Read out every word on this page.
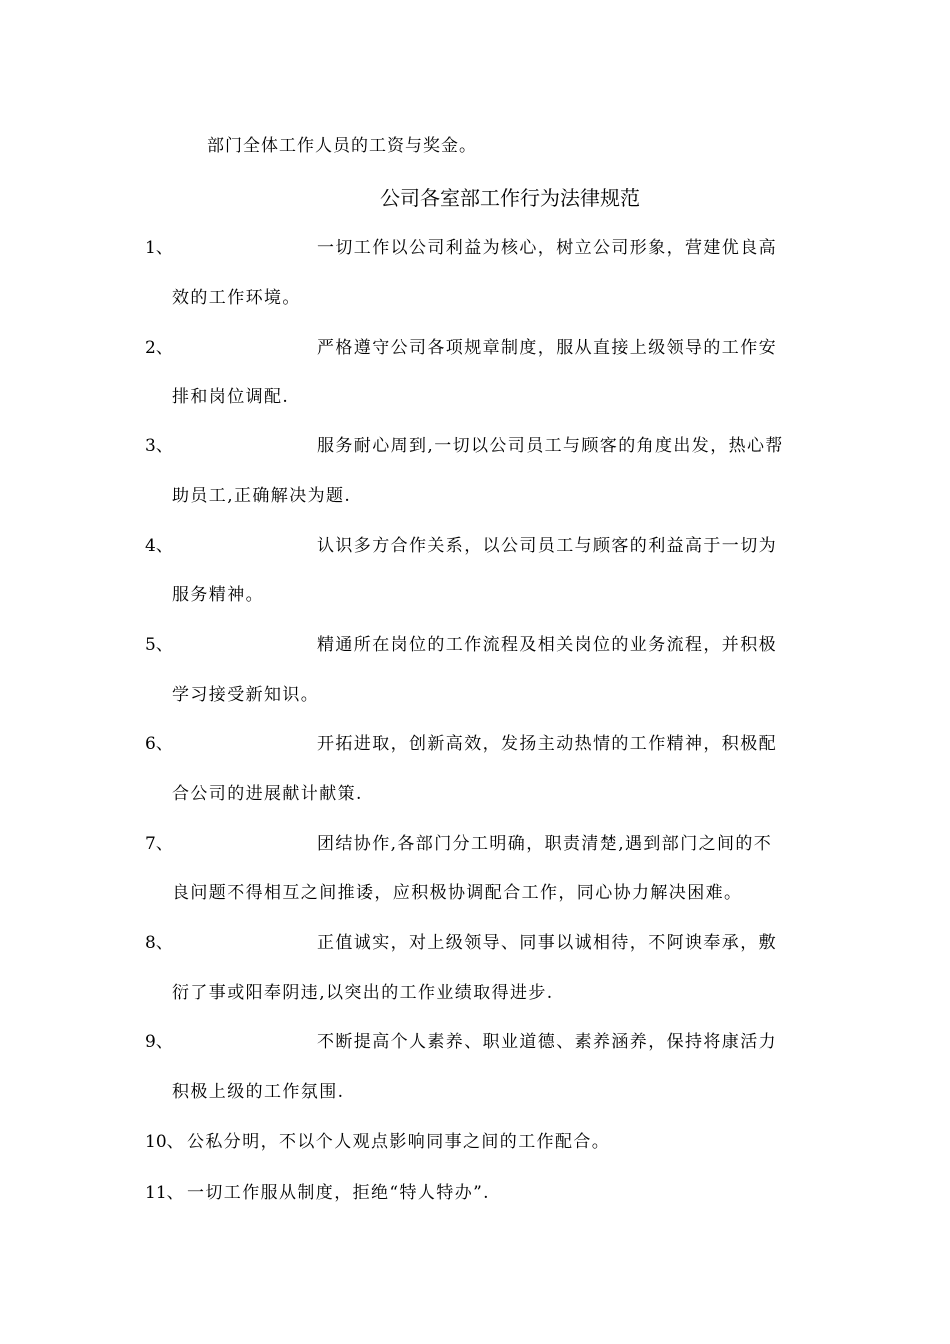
部门全体工作人员的工资与奖金。
公司各室部工作行为法律规范
1、	一切工作以公司利益为核心，树立公司形象，营建优良高
效的工作环境。
2、	严格遵守公司各项规章制度，服从直接上级领导的工作安
排和岗位调配.
3、	服务耐心周到,一切以公司员工与顾客的角度出发，热心帮
助员工,正确解决为题.
4、	认识多方合作关系，以公司员工与顾客的利益高于一切为
服务精神。
5、	精通所在岗位的工作流程及相关岗位的业务流程，并积极
学习接受新知识。
6、	开拓进取，创新高效，发扬主动热情的工作精神，积极配
合公司的进展献计献策.
7、	团结协作,各部门分工明确，职责清楚,遇到部门之间的不
良问题不得相互之间推诿，应积极协调配合工作，同心协力解决困难。
8、	正值诚实，对上级领导、同事以诚相待，不阿谀奉承，敷
衍了事或阳奉阴违,以突出的工作业绩取得进步.
9、	不断提高个人素养、职业道德、素养涵养，保持将康活力
积极上级的工作氛围.
10、 公私分明，不以个人观点影响同事之间的工作配合。
11、 一切工作服从制度，拒绝“特人特办”.
